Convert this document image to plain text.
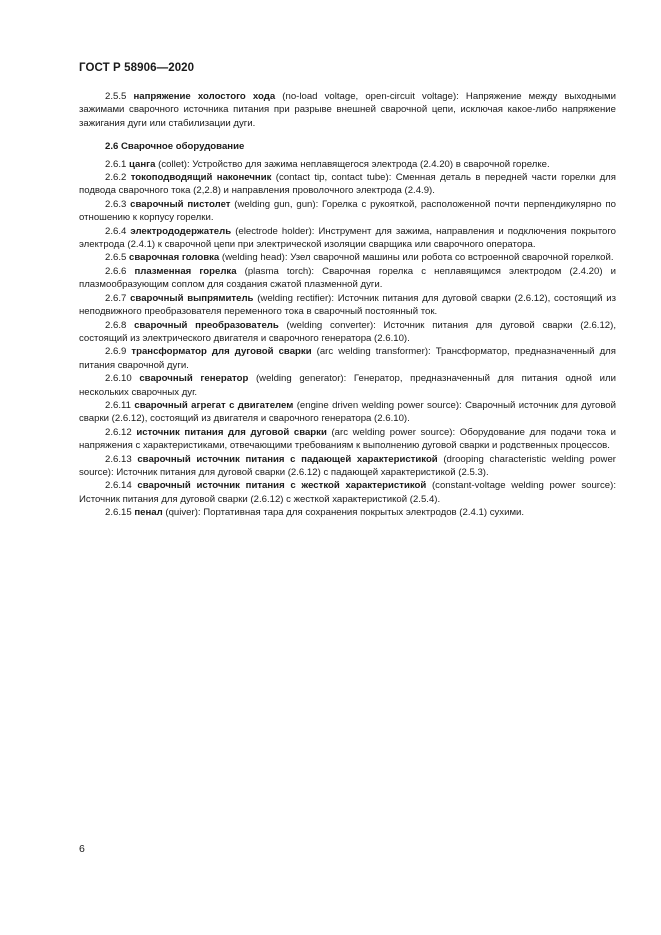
ГОСТ Р 58906—2020

2.5.5 напряжение холостого хода (no-load voltage, open-circuit voltage): Напряжение между выходными зажимами сварочного источника питания при разрыве внешней сварочной цепи, исключая какое-либо напряжение зажигания дуги или стабилизации дуги.

2.6 Сварочное оборудование

2.6.1 цанга (collet): Устройство для зажима неплавящегося электрода (2.4.20) в сварочной горелке.

2.6.2 токоподводящий наконечник (contact tip, contact tube): Сменная деталь в передней части горелки для подвода сварочного тока (2,2.8) и направления проволочного электрода (2.4.9).

2.6.3 сварочный пистолет (welding gun, gun): Горелка с рукояткой, расположенной почти перпендикулярно по отношению к корпусу горелки.

2.6.4 электрододержатель (electrode holder): Инструмент для зажима, направления и подключения покрытого электрода (2.4.1) к сварочной цепи при электрической изоляции сварщика или сварочного оператора.

2.6.5 сварочная головка (welding head): Узел сварочной машины или робота со встроенной сварочной горелкой.

2.6.6 плазменная горелка (plasma torch): Сварочная горелка с неплавящимся электродом (2.4.20) и плазмообразующим соплом для создания сжатой плазменной дуги.

2.6.7 сварочный выпрямитель (welding rectifier): Источник питания для дуговой сварки (2.6.12), состоящий из неподвижного преобразователя переменного тока в сварочный постоянный ток.

2.6.8 сварочный преобразователь (welding converter): Источник питания для дуговой сварки (2.6.12), состоящий из электрического двигателя и сварочного генератора (2.6.10).

2.6.9 трансформатор для дуговой сварки (arc welding transformer): Трансформатор, предназначенный для питания сварочной дуги.

2.6.10 сварочный генератор (welding generator): Генератор, предназначенный для питания одной или нескольких сварочных дуг.

2.6.11 сварочный агрегат с двигателем (engine driven welding power source): Сварочный источник для дуговой сварки (2.6.12), состоящий из двигателя и сварочного генератора (2.6.10).

2.6.12 источник питания для дуговой сварки (arc welding power source): Оборудование для подачи тока и напряжения с характеристиками, отвечающими требованиям к выполнению дуговой сварки и родственных процессов.

2.6.13 сварочный источник питания с падающей характеристикой (drooping characteristic welding power source): Источник питания для дуговой сварки (2.6.12) с падающей характеристикой (2.5.3).

2.6.14 сварочный источник питания с жесткой характеристикой (constant-voltage welding power source): Источник питания для дуговой сварки (2.6.12) с жесткой характеристикой (2.5.4).

2.6.15 пенал (quiver): Портативная тара для сохранения покрытых электродов (2.4.1) сухими.

6
